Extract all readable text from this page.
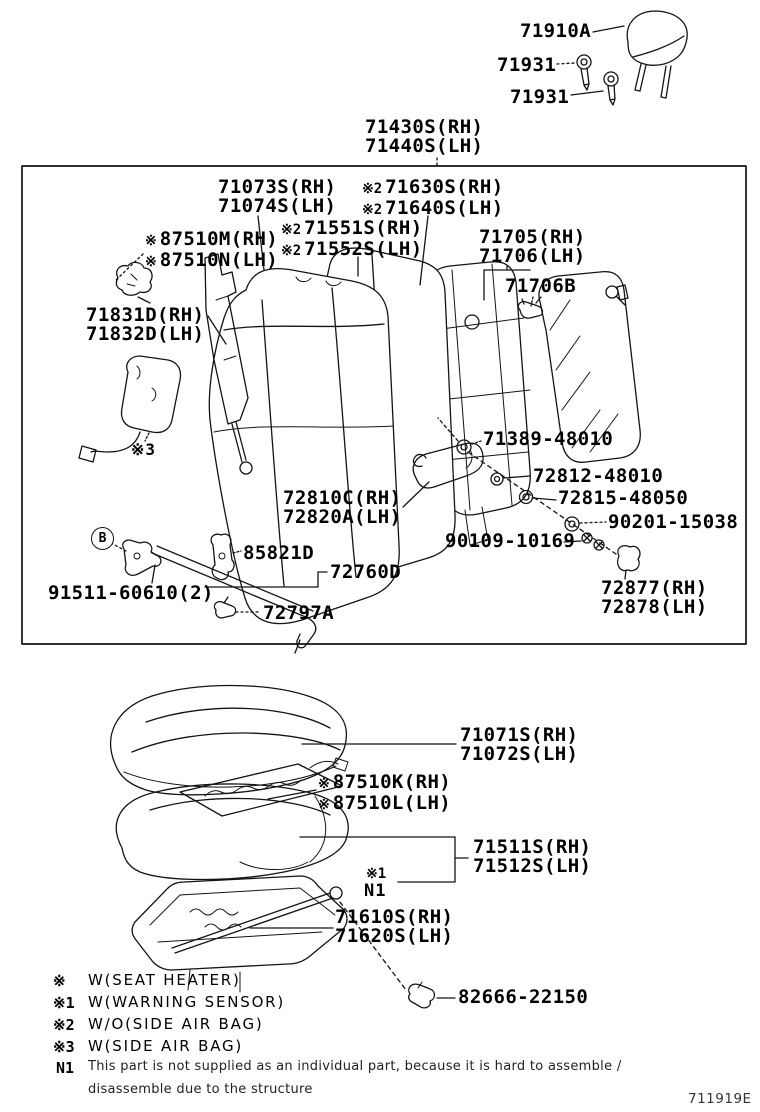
71910A
71931
71931
71430S(RH)
71440S(LH)
71073S(RH)
71074S(LH)
※2 71630S(RH)
※2 71640S(LH)
※2 71551S(RH)
※2 71552S(LH)
※ 87510M(RH)
※ 87510N(LH)
71705(RH)
71706(LH)
71706B
71831D(RH)
71832D(LH)
※3	71389-48010
72810C(RH)
72820A(LH)
72812-48010
72815-48050
90201-15038
90109-10169
72877(RH)
72878(LH)
B
85821D
72760D
91511-60610(2)
72797A
71071S(RH)
71072S(LH)
※ 87510K(RH)
※ 87510L(LH)
71511S(RH)
71512S(LH)
※1
N1
71610S(RH)
71620S(LH)
82666-22150
※ W(SEAT HEATER)
※1 W(WARNING SENSOR)
※2 W/O(SIDE AIR BAG)
※3 W(SIDE AIR BAG)
N1 This part is not supplied as an individual part, because it is hard to assemble /
disassemble due to the structure
711919E
